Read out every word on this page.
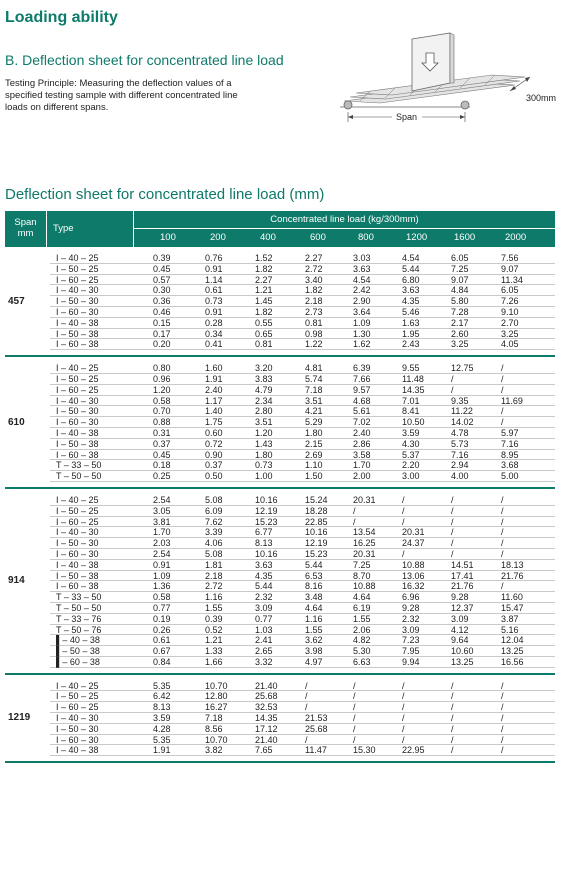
Loading ability
B. Deflection sheet for concentrated line load
Testing Principle: Measuring the deflection values of a specified testing sample with different concentrated line loads on different spans.
300mm
Span
Deflection sheet for concentrated line load (mm)
Span
mm	Type
Concentrated line load (kg/300mm)
100	200	400	600	800	1200	1600	2000
457
I – 40 – 25	0.39	0.76	1.52	2.27	3.03	4.54	6.05	7.56
I – 50 – 25	0.45	0.91	1.82	2.72	3.63	5.44	7.25	9.07
I – 60 – 25	0.57	1.14	2.27	3.40	4.54	6.80	9.07	11.34
I – 40 – 30	0.30	0.61	1.21	1.82	2.42	3.63	4.84	6.05
I – 50 – 30	0.36	0.73	1.45	2.18	2.90	4.35	5.80	7.26
I – 60 – 30	0.46	0.91	1.82	2.73	3.64	5.46	7.28	9.10
I – 40 – 38	0.15	0.28	0.55	0.81	1.09	1.63	2.17	2.70
I – 50 – 38	0.17	0.34	0.65	0.98	1.30	1.95	2.60	3.25
I – 60 – 38	0.20	0.41	0.81	1.22	1.62	2.43	3.25	4.05
610
I – 40 – 25	0.80	1.60	3.20	4.81	6.39	9.55	12.75	/
I – 50 – 25	0.96	1.91	3.83	5.74	7.66	11.48	/	/
I – 60 – 25	1.20	2.40	4.79	7.18	9.57	14.35	/	/
I – 40 – 30	0.58	1.17	2.34	3.51	4.68	7.01	9.35	11.69
I – 50 – 30	0.70	1.40	2.80	4.21	5.61	8.41	11.22	/
I – 60 – 30	0.88	1.75	3.51	5.29	7.02	10.50	14.02	/
I – 40 – 38	0.31	0.60	1.20	1.80	2.40	3.59	4.78	5.97
I – 50 – 38	0.37	0.72	1.43	2.15	2.86	4.30	5.73	7.16
I – 60 – 38	0.45	0.90	1.80	2.69	3.58	5.37	7.16	8.95
T – 33 – 50	0.18	0.37	0.73	1.10	1.70	2.20	2.94	3.68
T – 50 – 50	0.25	0.50	1.00	1.50	2.00	3.00	4.00	5.00
914
I – 40 – 25	2.54	5.08	10.16	15.24	20.31	/	/	/
I – 50 – 25	3.05	6.09	12.19	18.28	/	/	/	/
I – 60 – 25	3.81	7.62	15.23	22.85	/	/	/	/
I – 40 – 30	1.70	3.39	6.77	10.16	13.54	20.31	/	/
I – 50 – 30	2.03	4.06	8.13	12.19	16.25	24.37	/	/
I – 60 – 30	2.54	5.08	10.16	15.23	20.31	/	/	/
I – 40 – 38	0.91	1.81	3.63	5.44	7.25	10.88	14.51	18.13
I – 50 – 38	1.09	2.18	4.35	6.53	8.70	13.06	17.41	21.76
I – 60 – 38	1.36	2.72	5.44	8.16	10.88	16.32	21.76	/
T – 33 – 50	0.58	1.16	2.32	3.48	4.64	6.96	9.28	11.60
T – 50 – 50	0.77	1.55	3.09	4.64	6.19	9.28	12.37	15.47
T – 33 – 76	0.19	0.39	0.77	1.16	1.55	2.32	3.09	3.87
T – 50 – 76	0.26	0.52	1.03	1.55	2.06	3.09	4.12	5.16
▌– 40 – 38	0.61	1.21	2.41	3.62	4.82	7.23	9.64	12.04
▌– 50 – 38	0.67	1.33	2.65	3.98	5.30	7.95	10.60	13.25
▌– 60 – 38	0.84	1.66	3.32	4.97	6.63	9.94	13.25	16.56
1219
I – 40 – 25	5.35	10.70	21.40	/	/	/	/	/
I – 50 – 25	6.42	12.80	25.68	/	/	/	/	/
I – 60 – 25	8.13	16.27	32.53	/	/	/	/	/
I – 40 – 30	3.59	7.18	14.35	21.53	/	/	/	/
I – 50 – 30	4.28	8.56	17.12	25.68	/	/	/	/
I – 60 – 30	5.35	10.70	21.40	/	/	/	/	/
I – 40 – 38	1.91	3.82	7.65	11.47	15.30	22.95	/	/
